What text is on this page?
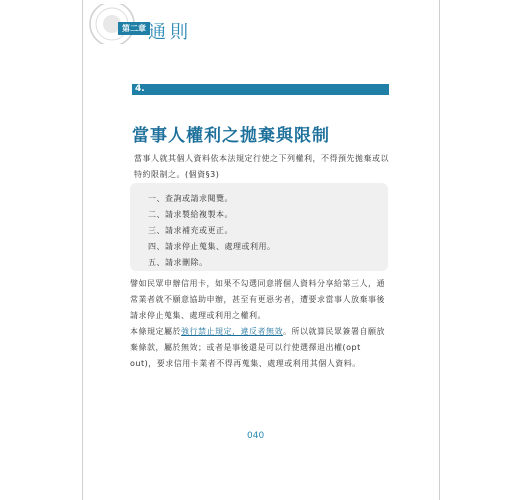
第二章 通則
4.
當事人權利之拋棄與限制
當事人就其個人資料依本法規定行使之下列權利，不得預先拋棄或以特約限制之。(個資§3)
一、查詢或請求閱覽。
二、請求製給複製本。
三、請求補充或更正。
四、請求停止蒐集、處理或利用。
五、請求刪除。
譬如民眾申辦信用卡，如果不勾選同意將個人資料分享給第三人，通常業者就不願意協助申辦，甚至有更惡劣者，遭要求當事人放棄事後請求停止蒐集、處理或利用之權利。
本條規定屬於強行禁止規定，違反者無效。所以就算民眾簽署自願放棄條款，屬於無效；或者是事後還是可以行使選擇退出權(opt out)，要求信用卡業者不得再蒐集、處理或利用其個人資料。
040
